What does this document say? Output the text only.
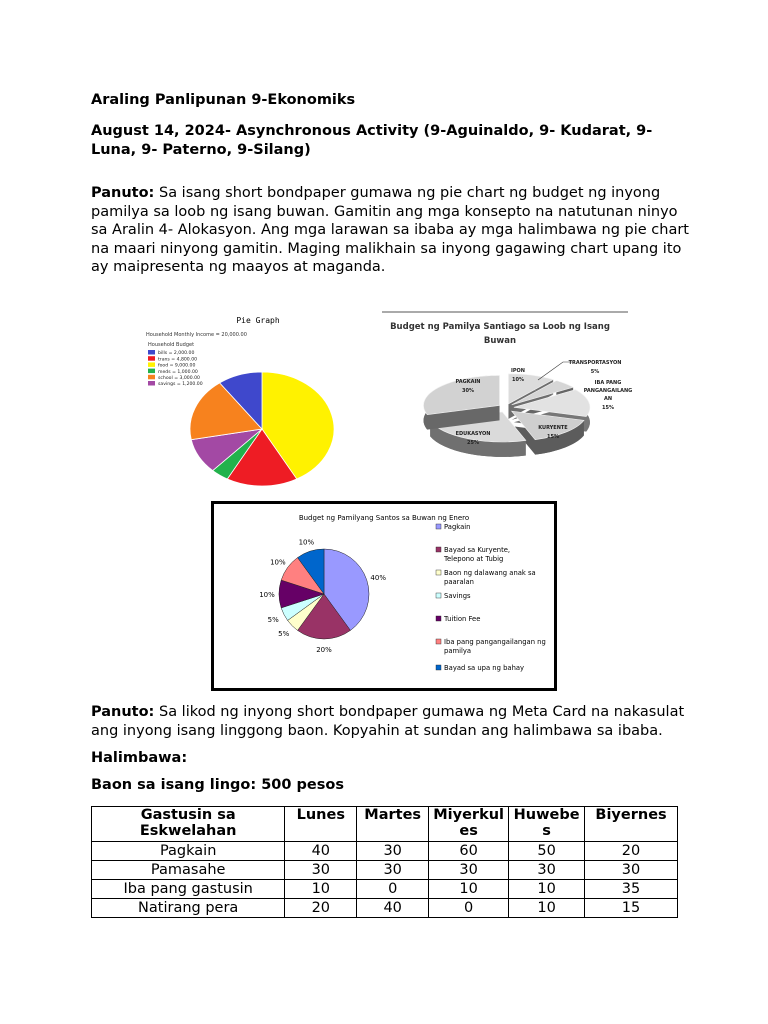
Araling Panlipunan 9-Ekonomiks
August 14, 2024- Asynchronous Activity (9-Aguinaldo, 9- Kudarat, 9- Luna, 9- Paterno, 9-Silang)
Panuto: Sa isang short bondpaper gumawa ng pie chart ng budget ng inyong pamilya sa loob ng isang buwan. Gamitin ang mga konsepto na natutunan ninyo sa Aralin 4- Alokasyon. Ang mga larawan sa ibaba ay mga halimbawa ng pie chart na maari ninyong gamitin. Maging malikhain sa inyong gagawing chart upang ito ay maipresenta ng maayos at maganda.
Pie Graph
Household Monthly Income = 20,000.00
Household Budget
bills = 2,000.00
trans = 4,800.00
food = 9,000.00
meds = 1,000.00
school = 3,000.00
savings = 1,200.00
Budget ng Pamilya Santiago sa Loob ng Isang
Buwan
IPON
10%
TRANSPORTASYON
5%
IBA PANG
PANGANGAILANG
AN
15%
KURYENTE
15%
EDUKASYON
25%
PAGKAIN
30%
Budget ng Pamilyang Santos sa Buwan ng Enero
40%
20%
5%
5%
10%
10%
10%
Pagkain
Bayad sa Kuryente,
Telepono at Tubig
Baon ng dalawang anak sa
paaralan
Savings
Tuition Fee
Iba pang pangangailangan ng
pamilya
Bayad sa upa ng bahay
Panuto: Sa likod ng inyong short bondpaper gumawa ng Meta Card na nakasulat ang inyong isang linggong baon. Kopyahin at sundan ang halimbawa sa ibaba.
Halimbawa:
Baon sa isang lingo: 500 pesos
Gastusin sa Eskwelahan	Lunes	Martes	Miyerkul es	Huwebe s	Biyernes
Pagkain	40	30	60	50	20
Pamasahe	30	30	30	30	30
Iba pang gastusin	10	0	10	10	35
Natirang pera	20	40	0	10	15
